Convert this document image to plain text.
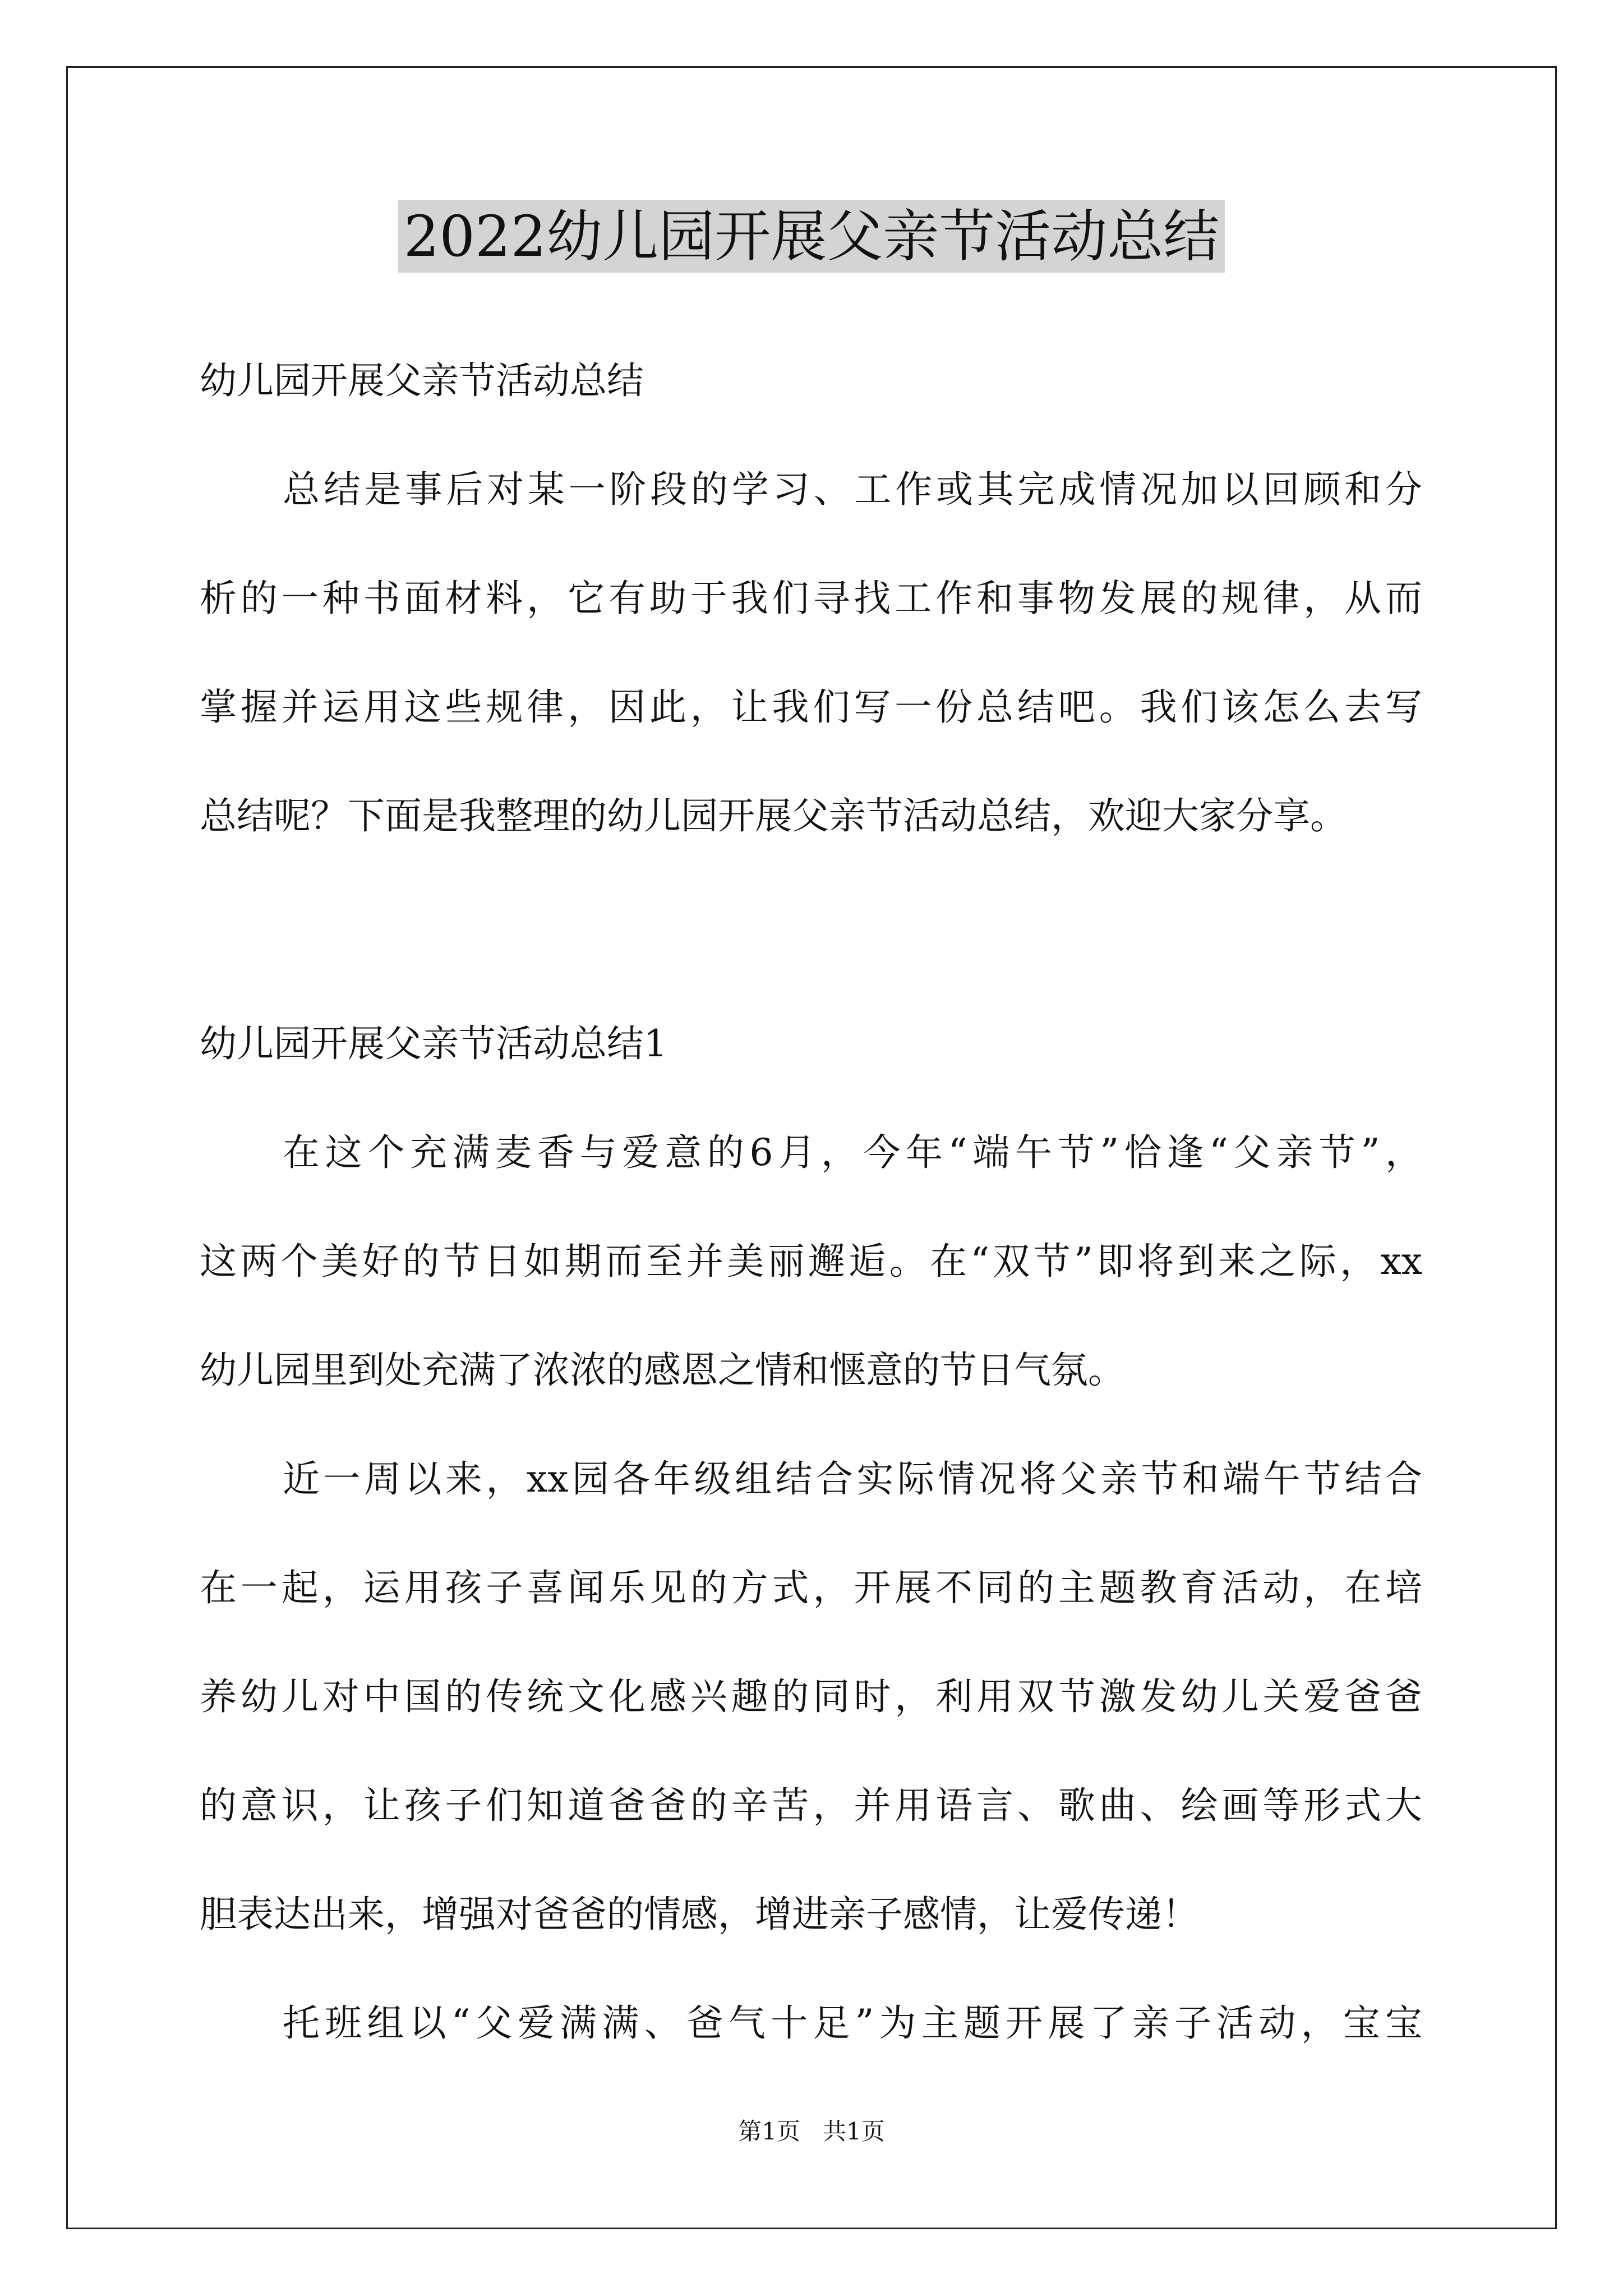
2022幼儿园开展父亲节活动总结
幼儿园开展父亲节活动总结
总结是事后对某一阶段的学习、工作或其完成情况加以回顾和分
析的一种书面材料，它有助于我们寻找工作和事物发展的规律，从而
掌握并运用这些规律，因此，让我们写一份总结吧。我们该怎么去写
总结呢？下面是我整理的幼儿园开展父亲节活动总结，欢迎大家分享。
幼儿园开展父亲节活动总结1
在这个充满麦香与爱意的6月，今年“端午节”恰逢“父亲节”，
这两个美好的节日如期而至并美丽邂逅。在“双节”即将到来之际，xx
幼儿园里到处充满了浓浓的感恩之情和惬意的节日气氛。
近一周以来，xx园各年级组结合实际情况将父亲节和端午节结合
在一起，运用孩子喜闻乐见的方式，开展不同的主题教育活动，在培
养幼儿对中国的传统文化感兴趣的同时，利用双节激发幼儿关爱爸爸
的意识，让孩子们知道爸爸的辛苦，并用语言、歌曲、绘画等形式大
胆表达出来，增强对爸爸的情感，增进亲子感情，让爱传递！
托班组以“父爱满满、爸气十足”为主题开展了亲子活动，宝宝
第1页   共1页
